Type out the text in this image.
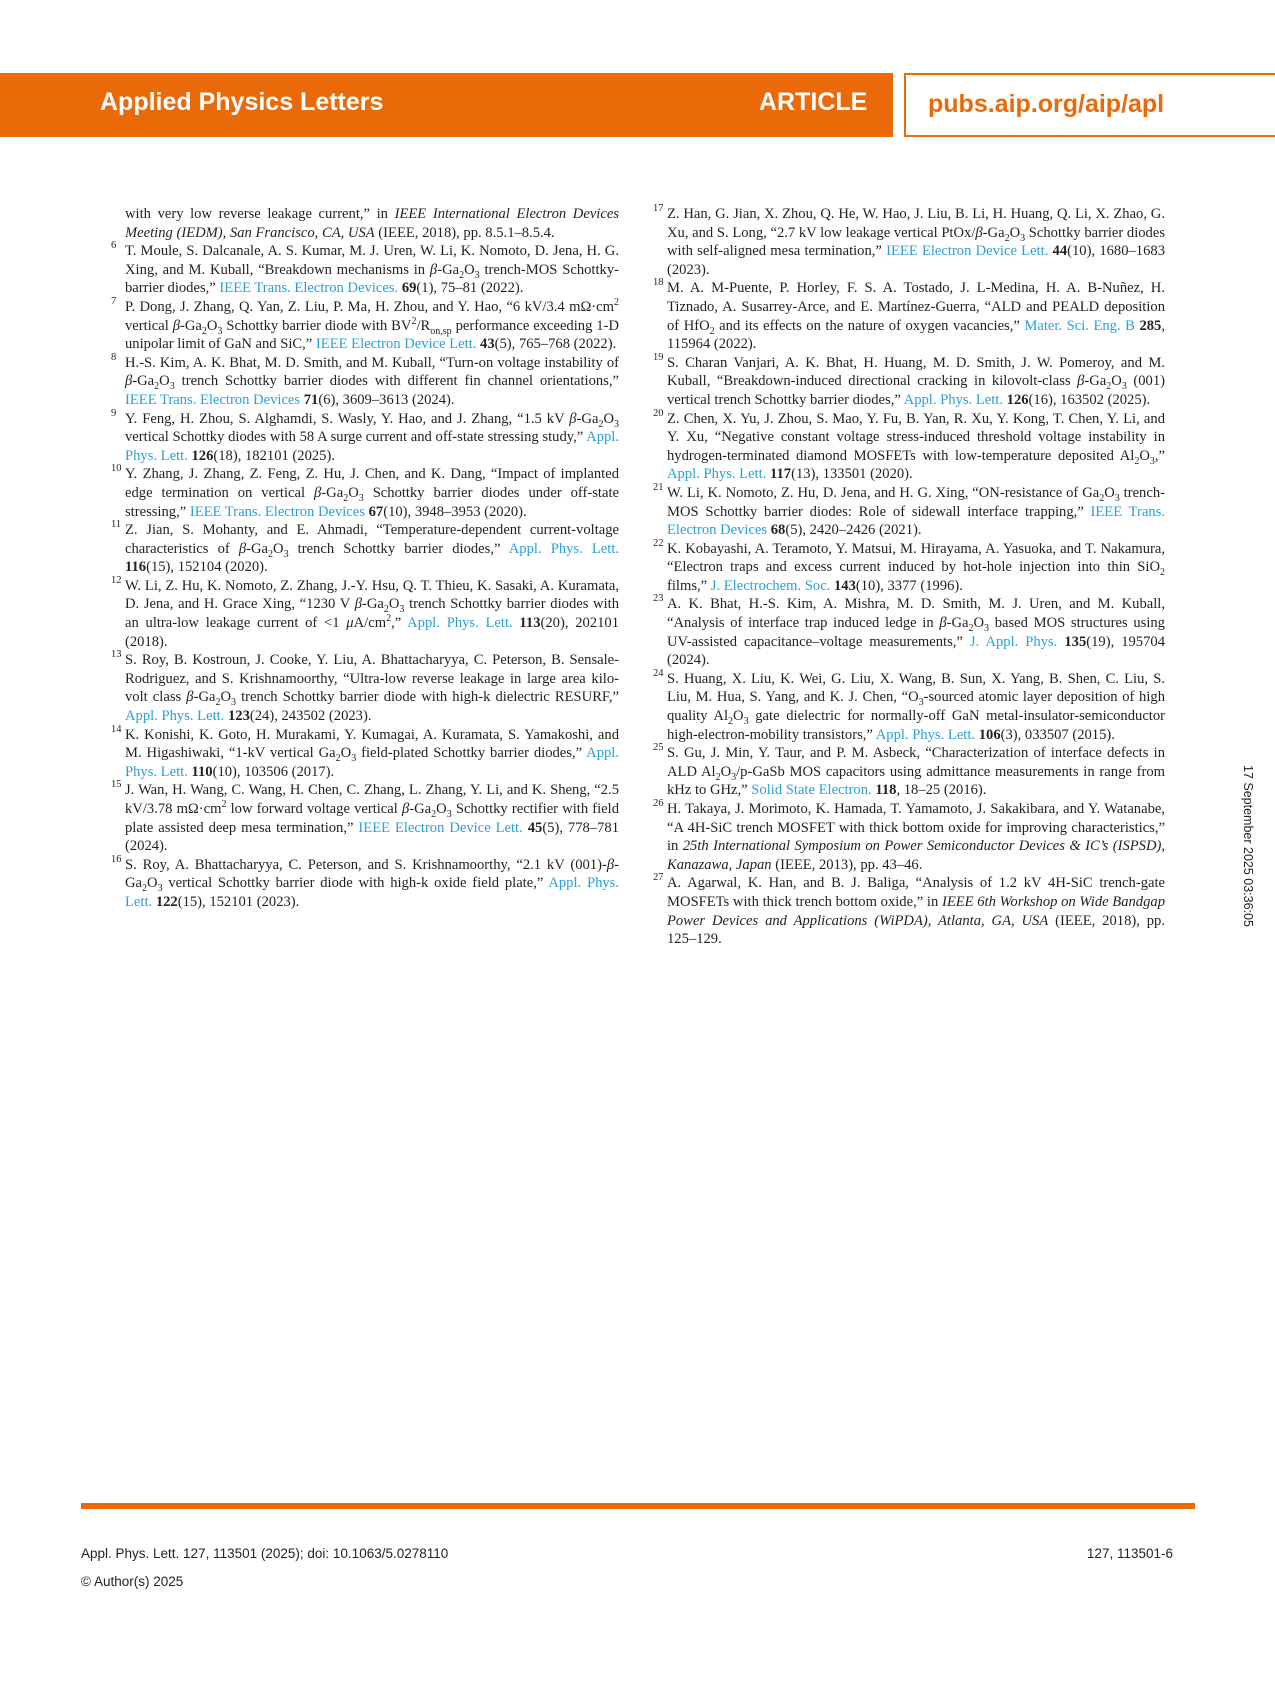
Applied Physics Letters	ARTICLE pubs.aip.org/aip/apl
with very low reverse leakage current,” in IEEE International Electron Devices Meeting (IEDM), San Francisco, CA, USA (IEEE, 2018), pp. 8.5.1–8.5.4.
6 T. Moule, S. Dalcanale, A. S. Kumar, M. J. Uren, W. Li, K. Nomoto, D. Jena, H. G. Xing, and M. Kuball, “Breakdown mechanisms in $\beta-Ga_2O_3$ trench-MOS Schottky-barrier diodes,” IEEE Trans. Electron Devices. 69(1), 75–81 (2022).
7 P. Dong, J. Zhang, Q. Yan, Z. Liu, P. Ma, H. Zhou, and Y. Hao, “6 kV/3.4 $m\Omega\cdot cm^2$ vertical $\beta-Ga_2O_3$ Schottky barrier diode with $BV^2/R_{on,sp}$ performance exceeding 1-D unipolar limit of GaN and SiC,” IEEE Electron Device Lett. 43(5), 765–768 (2022).
8 H.-S. Kim, A. K. Bhat, M. D. Smith, and M. Kuball, “Turn-on voltage instability of $\beta-Ga_2O_3$ trench Schottky barrier diodes with different fin channel orientations,” IEEE Trans. Electron Devices 71(6), 3609–3613 (2024).
9 Y. Feng, H. Zhou, S. Alghamdi, S. Wasly, Y. Hao, and J. Zhang, “1.5 kV $\beta-Ga_2O_3$ vertical Schottky diodes with 58 A surge current and off-state stressing study,” Appl. Phys. Lett. 126(18), 182101 (2025).
10 Y. Zhang, J. Zhang, Z. Feng, Z. Hu, J. Chen, and K. Dang, “Impact of implanted edge termination on vertical $\beta-Ga_2O_3$ Schottky barrier diodes under off-state stressing,” IEEE Trans. Electron Devices 67(10), 3948–3953 (2020).
11 Z. Jian, S. Mohanty, and E. Ahmadi, “Temperature-dependent current-voltage characteristics of $\beta-Ga_2O_3$ trench Schottky barrier diodes,” Appl. Phys. Lett. 116(15), 152104 (2020).
12 W. Li, Z. Hu, K. Nomoto, Z. Zhang, J.-Y. Hsu, Q. T. Thieu, K. Sasaki, A. Kuramata, D. Jena, and H. Grace Xing, “1230 V $\beta-Ga_2O_3$ trench Schottky barrier diodes with an ultra-low leakage current of <1 $\mu A/cm^2$,” Appl. Phys. Lett. 113(20), 202101 (2018).
13 S. Roy, B. Kostroun, J. Cooke, Y. Liu, A. Bhattacharyya, C. Peterson, B. Sensale-Rodriguez, and S. Krishnamoorthy, “Ultra-low reverse leakage in large area kilo-volt class $\beta-Ga_2O_3$ trench Schottky barrier diode with high-k dielectric RESURF,” Appl. Phys. Lett. 123(24), 243502 (2023).
14 K. Konishi, K. Goto, H. Murakami, Y. Kumagai, A. Kuramata, S. Yamakoshi, and M. Higashiwaki, “1-kV vertical $Ga_2O_3$ field-plated Schottky barrier diodes,” Appl. Phys. Lett. 110(10), 103506 (2017).
15 J. Wan, H. Wang, C. Wang, H. Chen, C. Zhang, L. Zhang, Y. Li, and K. Sheng, “2.5 kV/3.78 $m\Omega\cdot cm^2$ low forward voltage vertical $\beta-Ga_2O_3$ Schottky rectifier with field plate assisted deep mesa termination,” IEEE Electron Device Lett. 45(5), 778–781 (2024).
16 S. Roy, A. Bhattacharyya, C. Peterson, and S. Krishnamoorthy, “2.1 kV $(001)-\beta-Ga_2O_3$ vertical Schottky barrier diode with high-k oxide field plate,” Appl. Phys. Lett. 122(15), 152101 (2023).
17 Z. Han, G. Jian, X. Zhou, Q. He, W. Hao, J. Liu, B. Li, H. Huang, Q. Li, X. Zhao, G. Xu, and S. Long, “2.7 kV low leakage vertical PtOx/$\beta-Ga_2O_3$ Schottky barrier diodes with self-aligned mesa termination,” IEEE Electron Device Lett. 44(10), 1680–1683 (2023).
18 M. A. M-Puente, P. Horley, F. S. A. Tostado, J. L-Medina, H. A. B-Nuñez, H. Tiznado, A. Susarrey-Arce, and E. Martínez-Guerra, “ALD and PEALD deposition of HfO$_2$ and its effects on the nature of oxygen vacancies,” Mater. Sci. Eng. B 285, 115964 (2022).
19 S. Charan Vanjari, A. K. Bhat, H. Huang, M. D. Smith, J. W. Pomeroy, and M. Kuball, “Breakdown-induced directional cracking in kilovolt-class $\beta-Ga_2O_3$ (001) vertical trench Schottky barrier diodes,” Appl. Phys. Lett. 126(16), 163502 (2025).
20 Z. Chen, X. Yu, J. Zhou, S. Mao, Y. Fu, B. Yan, R. Xu, Y. Kong, T. Chen, Y. Li, and Y. Xu, “Negative constant voltage stress-induced threshold voltage instability in hydrogen-terminated diamond MOSFETs with low-temperature deposited $Al_2O_3$,” Appl. Phys. Lett. 117(13), 133501 (2020).
21 W. Li, K. Nomoto, Z. Hu, D. Jena, and H. G. Xing, “ON-resistance of $Ga_2O_3$ trench-MOS Schottky barrier diodes: Role of sidewall interface trapping,” IEEE Trans. Electron Devices 68(5), 2420–2426 (2021).
22 K. Kobayashi, A. Teramoto, Y. Matsui, M. Hirayama, A. Yasuoka, and T. Nakamura, “Electron traps and excess current induced by hot-hole injection into thin SiO$_2$ films,” J. Electrochem. Soc. 143(10), 3377 (1996).
23 A. K. Bhat, H.-S. Kim, A. Mishra, M. D. Smith, M. J. Uren, and M. Kuball, “Analysis of interface trap induced ledge in $\beta-Ga_2O_3$ based MOS structures using UV-assisted capacitance–voltage measurements,” J. Appl. Phys. 135(19), 195704 (2024).
24 S. Huang, X. Liu, K. Wei, G. Liu, X. Wang, B. Sun, X. Yang, B. Shen, C. Liu, S. Liu, M. Hua, S. Yang, and K. J. Chen, “$O_3$-sourced atomic layer deposition of high quality $Al_2O_3$ gate dielectric for normally-off GaN metal-insulator-semiconductor high-electron-mobility transistors,” Appl. Phys. Lett. 106(3), 033507 (2015).
25 S. Gu, J. Min, Y. Taur, and P. M. Asbeck, “Characterization of interface defects in ALD $Al_2O_3/p$-GaSb MOS capacitors using admittance measurements in range from kHz to GHz,” Solid State Electron. 118, 18–25 (2016).
26 H. Takaya, J. Morimoto, K. Hamada, T. Yamamoto, J. Sakakibara, and Y. Watanabe, “A 4H-SiC trench MOSFET with thick bottom oxide for improving characteristics,” in 25th International Symposium on Power Semiconductor Devices & IC’s (ISPSD), Kanazawa, Japan (IEEE, 2013), pp. 43–46.
27 A. Agarwal, K. Han, and B. J. Baliga, “Analysis of 1.2 kV 4H-SiC trench-gate MOSFETs with thick trench bottom oxide,” in IEEE 6th Workshop on Wide Bandgap Power Devices and Applications (WiPDA), Atlanta, GA, USA (IEEE, 2018), pp. 125–129.
Appl. Phys. Lett. 127, 113501 (2025); doi: 10.1063/5.0278110
© Author(s) 2025
127, 113501-6
17 September 2025 03:36:05
